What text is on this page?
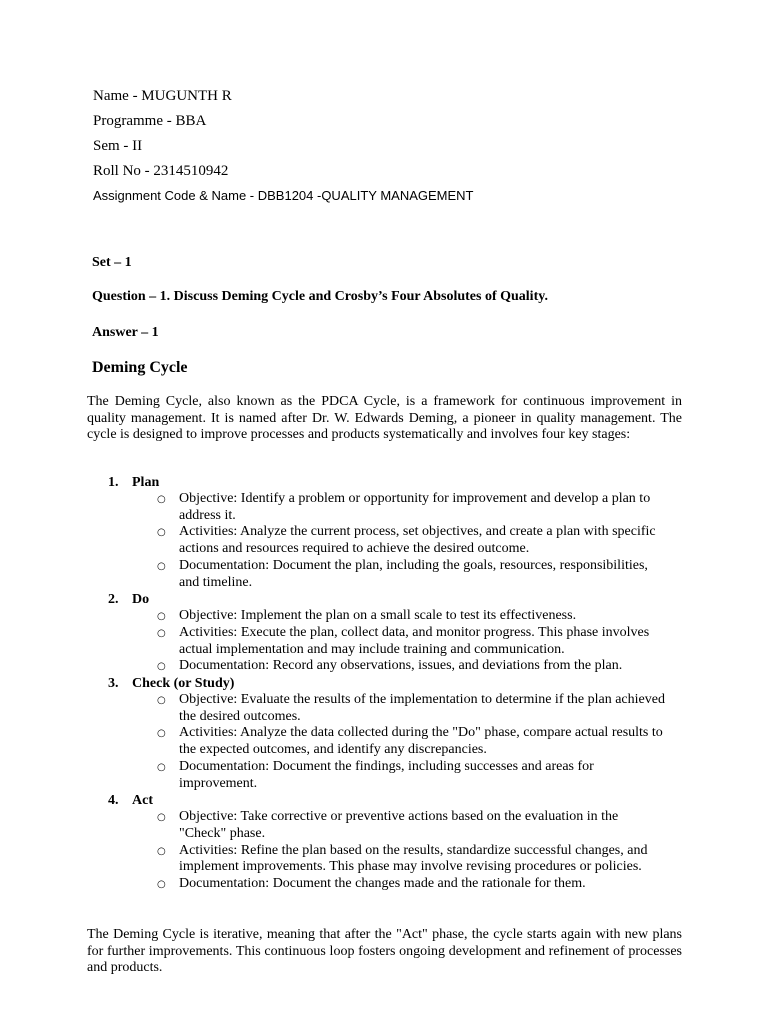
Name - MUGUNTH R
Programme - BBA
Sem - II
Roll No - 2314510942
Assignment Code & Name - DBB1204 -QUALITY MANAGEMENT
Set – 1
Question – 1. Discuss Deming Cycle and Crosby’s Four Absolutes of Quality.
Answer – 1
Deming Cycle
The Deming Cycle, also known as the PDCA Cycle, is a framework for continuous improvement in quality management. It is named after Dr. W. Edwards Deming, a pioneer in quality management. The cycle is designed to improve processes and products systematically and involves four key stages:
1. Plan
○ Objective: Identify a problem or opportunity for improvement and develop a plan to address it.
○ Activities: Analyze the current process, set objectives, and create a plan with specific actions and resources required to achieve the desired outcome.
○ Documentation: Document the plan, including the goals, resources, responsibilities, and timeline.
2. Do
○ Objective: Implement the plan on a small scale to test its effectiveness.
○ Activities: Execute the plan, collect data, and monitor progress. This phase involves actual implementation and may include training and communication.
○ Documentation: Record any observations, issues, and deviations from the plan.
3. Check (or Study)
○ Objective: Evaluate the results of the implementation to determine if the plan achieved the desired outcomes.
○ Activities: Analyze the data collected during the "Do" phase, compare actual results to the expected outcomes, and identify any discrepancies.
○ Documentation: Document the findings, including successes and areas for improvement.
4. Act
○ Objective: Take corrective or preventive actions based on the evaluation in the "Check" phase.
○ Activities: Refine the plan based on the results, standardize successful changes, and implement improvements. This phase may involve revising procedures or policies.
○ Documentation: Document the changes made and the rationale for them.
The Deming Cycle is iterative, meaning that after the "Act" phase, the cycle starts again with new plans for further improvements. This continuous loop fosters ongoing development and refinement of processes and products.
